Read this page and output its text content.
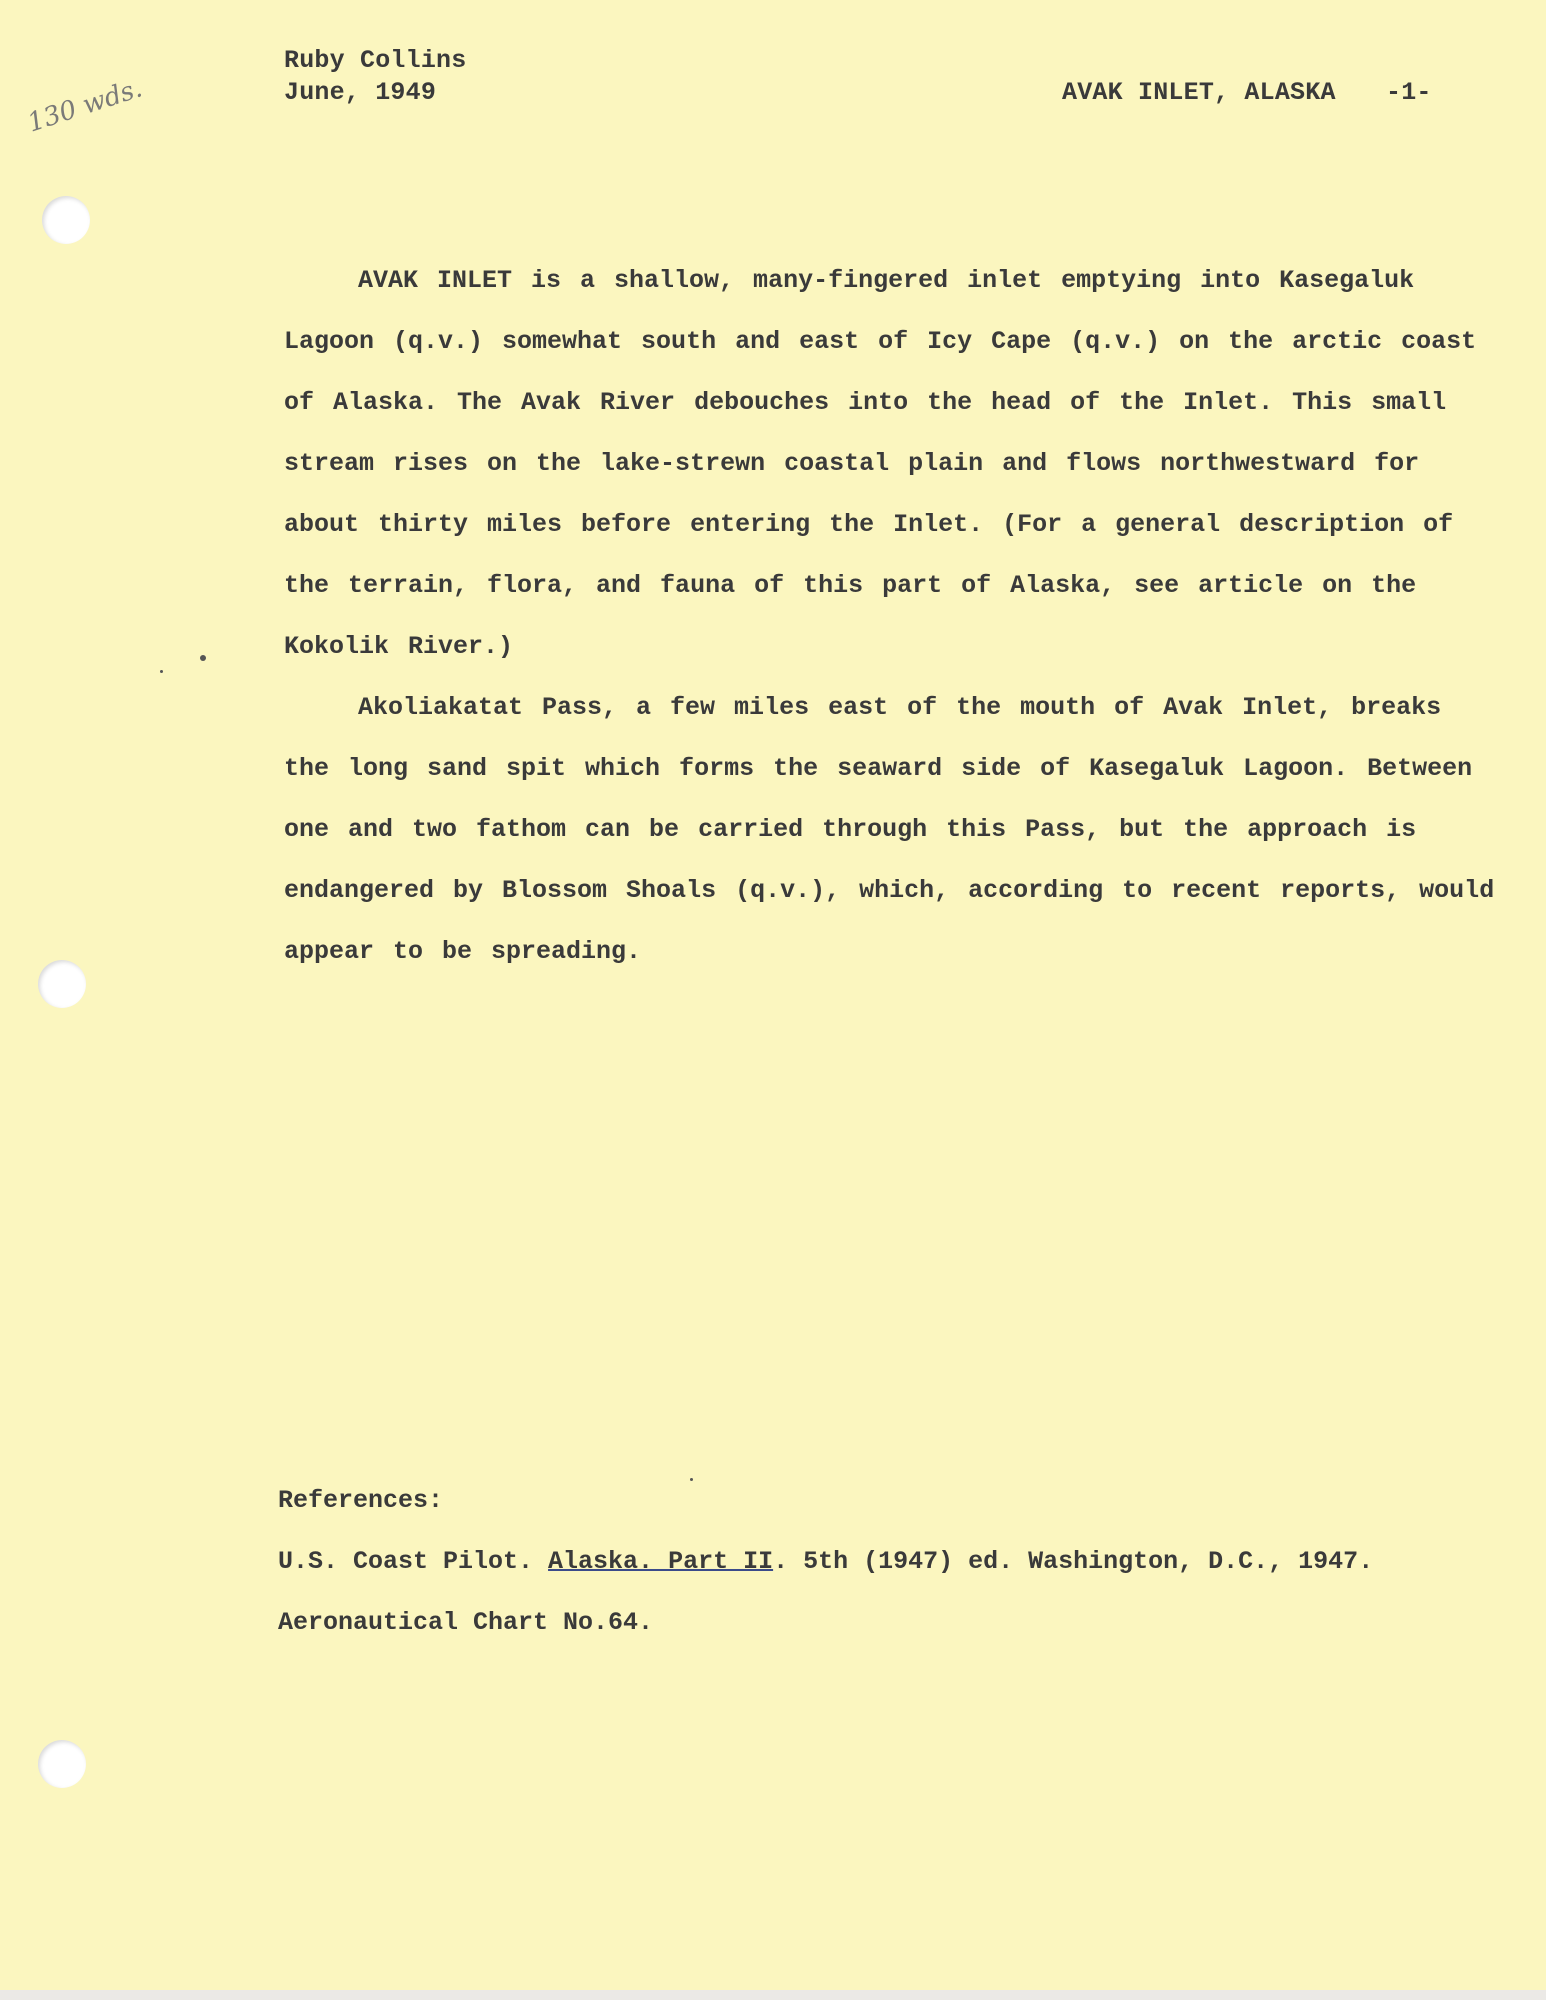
130 wds.
Ruby Collins
June, 1949	AVAK INLET, ALASKA -1-

AVAK INLET is a shallow, many-fingered inlet emptying into Kasegaluk Lagoon (q.v.) somewhat south and east of Icy Cape (q.v.) on the arctic coast of Alaska. The Avak River debouches into the head of the Inlet. This small stream rises on the lake-strewn coastal plain and flows northwestward for about thirty miles before entering the Inlet. (For a general description of the terrain, flora, and fauna of this part of Alaska, see article on the Kokolik River.)

Akoliakatat Pass, a few miles east of the mouth of Avak Inlet, breaks the long sand spit which forms the seaward side of Kasegaluk Lagoon. Between one and two fathom can be carried through this Pass, but the approach is endangered by Blossom Shoals (q.v.), which, according to recent reports, would appear to be spreading.

References:
U.S. Coast Pilot. Alaska. Part II. 5th (1947) ed. Washington, D.C., 1947.
Aeronautical Chart No.64.
